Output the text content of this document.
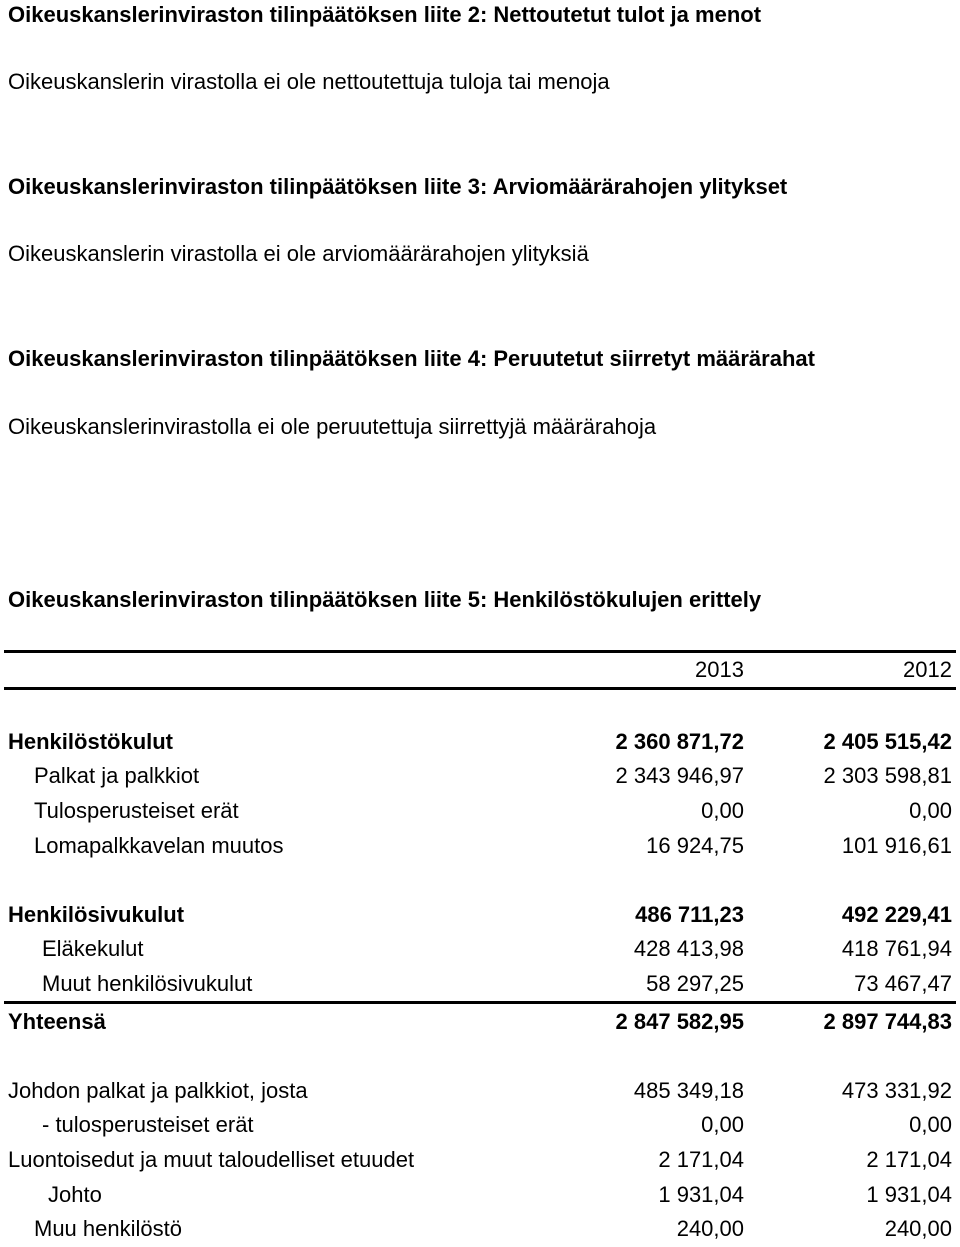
Oikeuskanslerinviraston tilinpäätöksen liite 2: Nettoutetut tulot ja menot
Oikeuskanslerin virastolla ei ole nettoutettuja tuloja tai menoja
Oikeuskanslerinviraston tilinpäätöksen liite 3: Arviomäärärahojen ylitykset
Oikeuskanslerin virastolla ei ole arviomäärärahojen ylityksiä
Oikeuskanslerinviraston tilinpäätöksen liite 4: Peruutetut siirretyt määrärahat
Oikeuskanslerinvirastolla ei ole peruutettuja siirrettyjä määrärahoja
Oikeuskanslerinviraston tilinpäätöksen liite 5: Henkilöstökulujen erittely
	2013	2012

Henkilöstökulut	2 360 871,72	2 405 515,42
Palkat ja palkkiot	2 343 946,97	2 303 598,81
Tulosperusteiset erät	0,00	0,00
Lomapalkkavelan muutos	16 924,75	101 916,61

Henkilösivukulut	486 711,23	492 229,41
Eläkekulut	428 413,98	418 761,94
Muut henkilösivukulut	58 297,25	73 467,47
Yhteensä	2 847 582,95	2 897 744,83

Johdon palkat ja palkkiot, josta	485 349,18	473 331,92
- tulosperusteiset erät	0,00	0,00
Luontoisedut ja muut taloudelliset etuudet	2 171,04	2 171,04
Johto	1 931,04	1 931,04
Muu henkilöstö	240,00	240,00
